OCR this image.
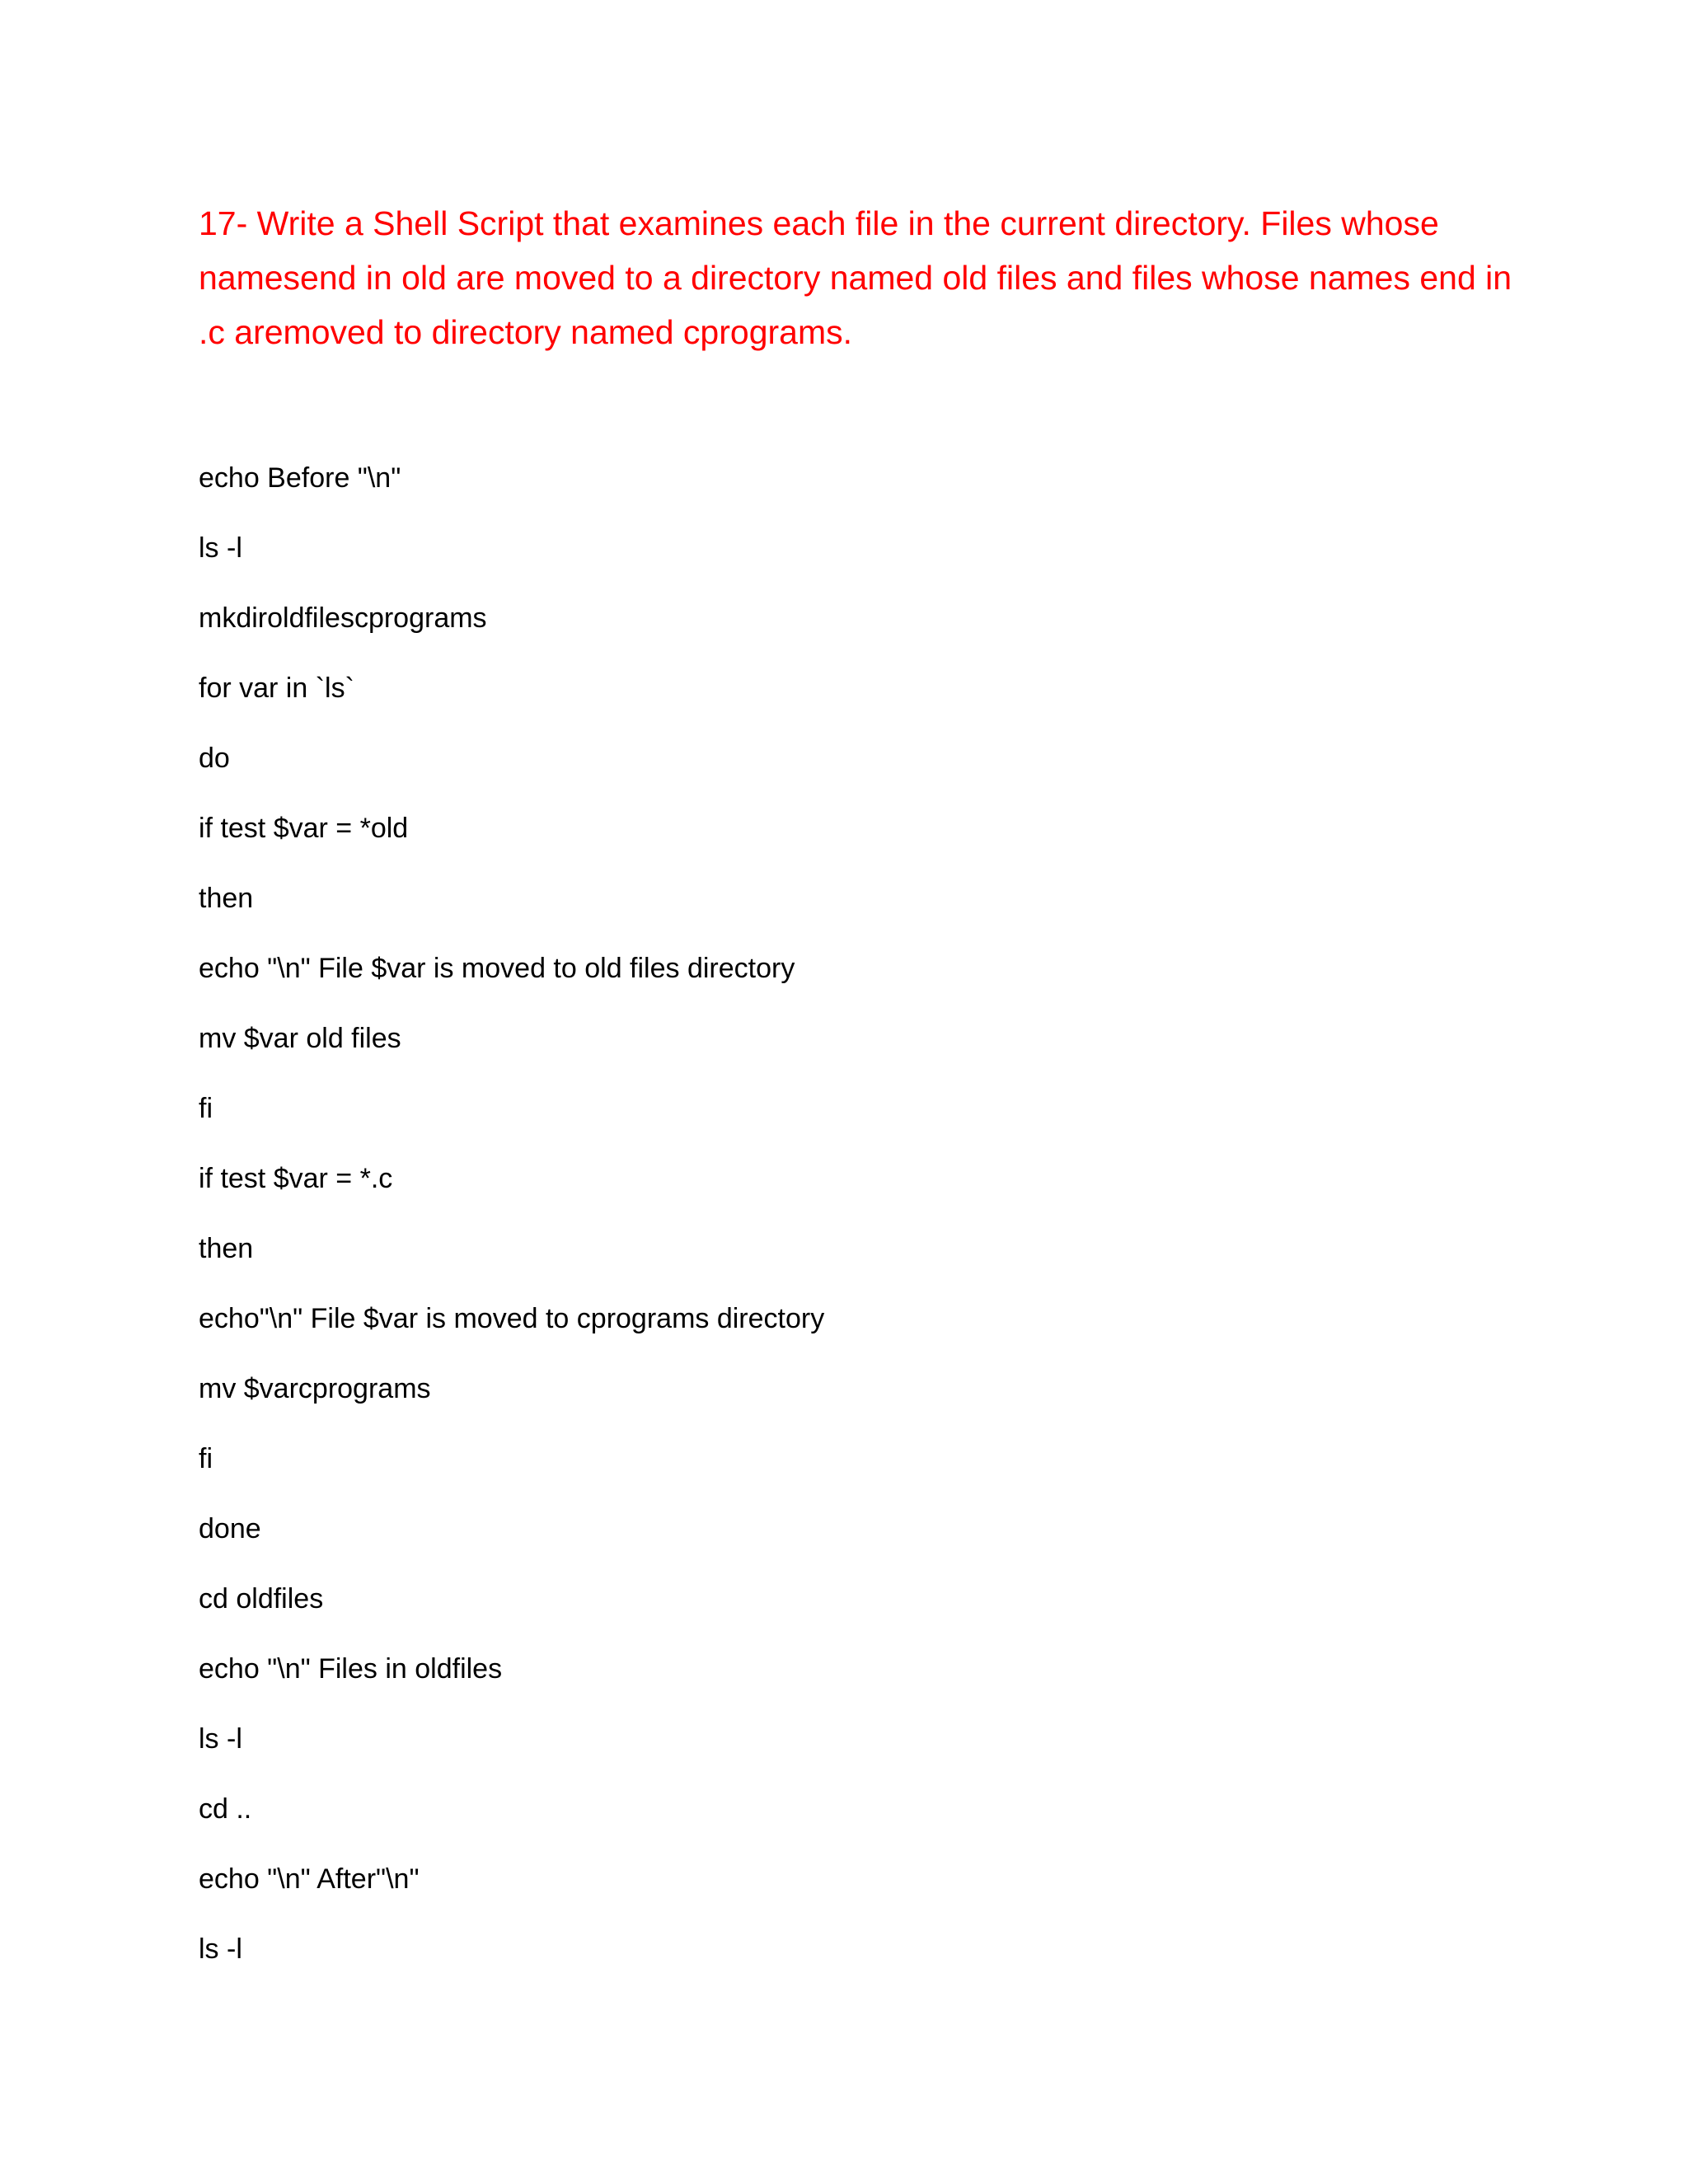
17- Write a Shell Script that examines each file in the current directory. Files whose namesend in old are moved to a directory named old files and files whose names end in .c aremoved to directory named cprograms.
echo Before "\n"
ls -l
mkdiroldfilescprograms
for var in `ls`
do
if test $var = *old
then
echo "\n" File $var is moved to old files directory
mv $var old files
fi
if test $var = *.c
then
echo"\n" File $var is moved to cprograms directory
mv $varcprograms
fi
done
cd oldfiles
echo "\n" Files in oldfiles
ls -l
cd ..
echo "\n" After"\n"
ls -l
